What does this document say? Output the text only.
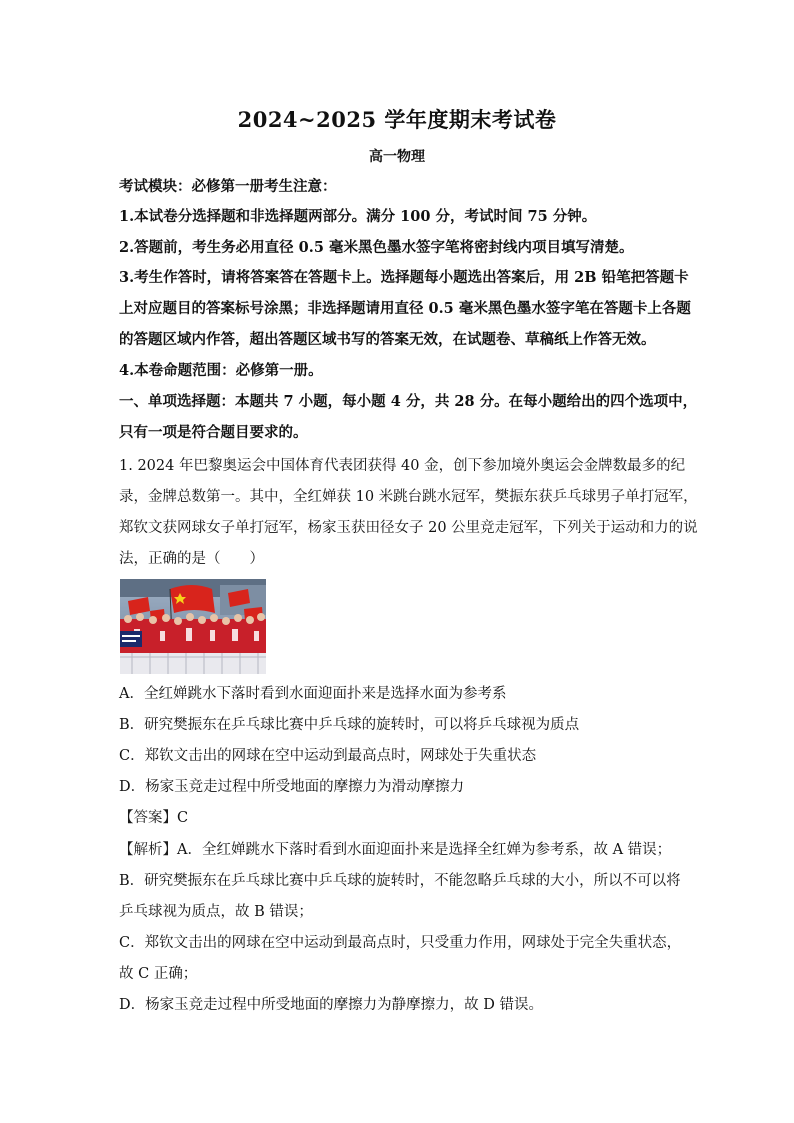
2024~2025 学年度期末考试卷
高一物理
考试模块：必修第一册考生注意：
1.本试卷分选择题和非选择题两部分。满分 100 分，考试时间 75 分钟。
2.答题前，考生务必用直径 0.5 毫米黑色墨水签字笔将密封线内项目填写清楚。
3.考生作答时，请将答案答在答题卡上。选择题每小题选出答案后，用 2B 铅笔把答题卡
上对应题目的答案标号涂黑；非选择题请用直径 0.5 毫米黑色墨水签字笔在答题卡上各题
的答题区域内作答，超出答题区域书写的答案无效，在试题卷、草稿纸上作答无效。
4.本卷命题范围：必修第一册。
一、单项选择题：本题共 7 小题，每小题 4 分，共 28 分。在每小题给出的四个选项中，
只有一项是符合题目要求的。
1. 2024 年巴黎奥运会中国体育代表团获得 40 金，创下参加境外奥运会金牌数最多的纪
录，金牌总数第一。其中，全红婵获 10 米跳台跳水冠军，樊振东获乒乓球男子单打冠军，
郑钦文获网球女子单打冠军，杨家玉获田径女子 20 公里竞走冠军，下列关于运动和力的说
法，正确的是（　　）
A．全红婵跳水下落时看到水面迎面扑来是选择水面为参考系
B．研究樊振东在乒乓球比赛中乒乓球的旋转时，可以将乒乓球视为质点
C．郑钦文击出的网球在空中运动到最高点时，网球处于失重状态
D．杨家玉竞走过程中所受地面的摩擦力为滑动摩擦力
【答案】C
【解析】A．全红婵跳水下落时看到水面迎面扑来是选择全红婵为参考系，故 A 错误；
B．研究樊振东在乒乓球比赛中乒乓球的旋转时，不能忽略乒乓球的大小，所以不可以将
乒乓球视为质点，故 B 错误；
C．郑钦文击出的网球在空中运动到最高点时，只受重力作用，网球处于完全失重状态，
故 C 正确；
D．杨家玉竞走过程中所受地面的摩擦力为静摩擦力，故 D 错误。
